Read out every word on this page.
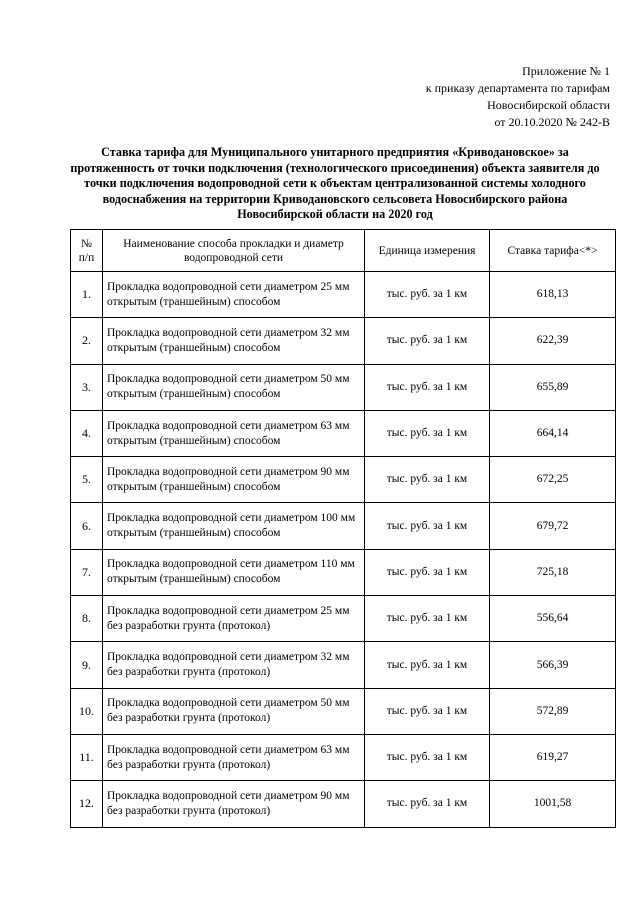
Приложение № 1
к приказу департамента по тарифам
Новосибирской области
от 20.10.2020 № 242-В
Ставка тарифа для Муниципального унитарного предприятия «Криводановское» за протяженность от точки подключения (технологического присоединения) объекта заявителя до точки подключения водопроводной сети к объектам централизованной системы холодного водоснабжения на территории Криводановского сельсовета Новосибирского района Новосибирской области на 2020 год
№ п/п	Наименование способа прокладки и диаметр водопроводной сети	Единица измерения	Ставка тарифа<*>
1.	Прокладка водопроводной сети диаметром 25 мм открытым (траншейным) способом	тыс. руб. за 1 км	618,13
2.	Прокладка водопроводной сети диаметром 32 мм открытым (траншейным) способом	тыс. руб. за 1 км	622,39
3.	Прокладка водопроводной сети диаметром 50 мм открытым (траншейным) способом	тыс. руб. за 1 км	655,89
4.	Прокладка водопроводной сети диаметром 63 мм открытым (траншейным) способом	тыс. руб. за 1 км	664,14
5.	Прокладка водопроводной сети диаметром 90 мм открытым (траншейным) способом	тыс. руб. за 1 км	672,25
6.	Прокладка водопроводной сети диаметром 100 мм открытым (траншейным) способом	тыс. руб. за 1 км	679,72
7.	Прокладка водопроводной сети диаметром 110 мм открытым (траншейным) способом	тыс. руб. за 1 км	725,18
8.	Прокладка водопроводной сети диаметром 25 мм без разработки грунта (протокол)	тыс. руб. за 1 км	556,64
9.	Прокладка водопроводной сети диаметром 32 мм без разработки грунта (протокол)	тыс. руб. за 1 км	566,39
10.	Прокладка водопроводной сети диаметром 50 мм без разработки грунта (протокол)	тыс. руб. за 1 км	572,89
11.	Прокладка водопроводной сети диаметром 63 мм без разработки грунта (протокол)	тыс. руб. за 1 км	619,27
12.	Прокладка водопроводной сети диаметром 90 мм без разработки грунта (протокол)	тыс. руб. за 1 км	1001,58
